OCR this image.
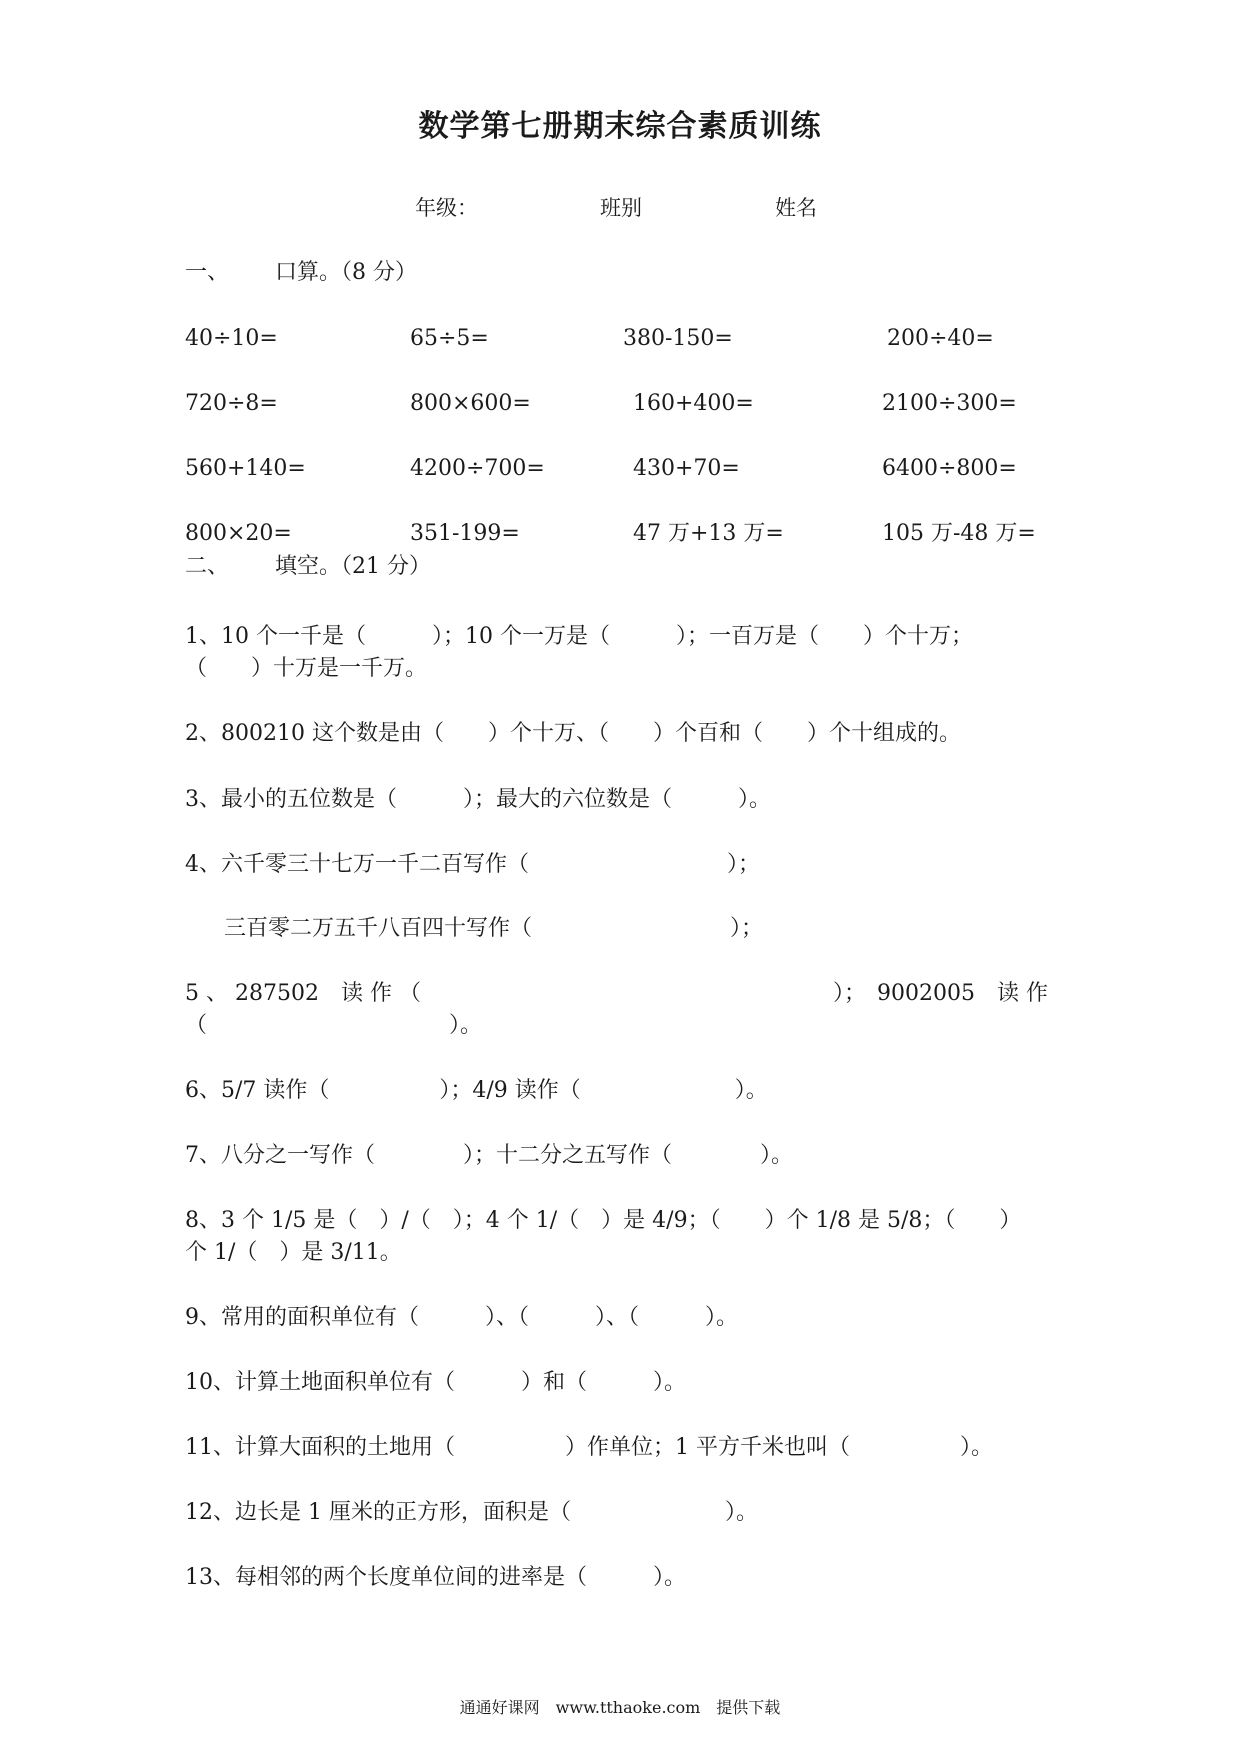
数学第七册期末综合素质训练
年级：	班别	姓名
一、 口算。（8 分）
40÷10=	65÷5=	380-150=	200÷40=
720÷8=	800×600=	160+400=	2100÷300=
560+140=	4200÷700=	430+70=	6400÷800=
800×20=	351-199=	47 万+13 万=	105 万-48 万=
二、 填空。（21 分）
1、10 个一千是（　　　）；10 个一万是（　　　）；一百万是（　　）个十万；
（　　）十万是一千万。
2、800210 这个数是由（　　）个十万、（　　）个百和（　　）个十组成的。
3、最小的五位数是（　　　）；最大的六位数是（　　　）。
4、六千零三十七万一千二百写作（　　　　　　　　　）；
三百零二万五千八百四十写作（　　　　　　　　　）；
5 、 287502　读 作 （	）；　9002005　读 作
（　　　　　　　　　　　）。
6、5/7 读作（　　　　　）；4/9 读作（　　　　　　　）。
7、八分之一写作（　　　　）；十二分之五写作（　　　　）。
8、3 个 1/5 是（　）/（　）；4 个 1/（　）是 4/9；（　　）个 1/8 是 5/8；（　　）
个 1/（　）是 3/11。
9、常用的面积单位有（　　　）、（　　　）、（　　　）。
10、计算土地面积单位有（　　　）和（　　　）。
11、计算大面积的土地用（　　　　　）作单位；1 平方千米也叫（　　　　　）。
12、边长是 1 厘米的正方形，面积是（　　　　　　　）。
13、每相邻的两个长度单位间的进率是（　　　）。
通通好课网　www.tthaoke.com　提供下载
